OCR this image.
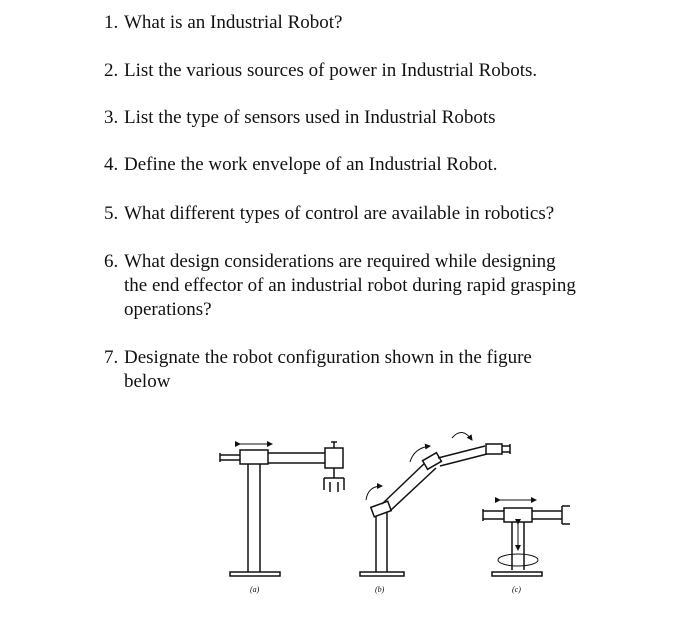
1. What is an Industrial Robot?
2. List the various sources of power in Industrial Robots.
3. List the type of sensors used in Industrial Robots
4. Define the work envelope of an Industrial Robot.
5. What different types of control are available in robotics?
6. What design considerations are required while designing
the end effector of an industrial robot during rapid grasping
operations?
7. Designate the robot configuration shown in the figure
below
(a)	(b)	(c)
